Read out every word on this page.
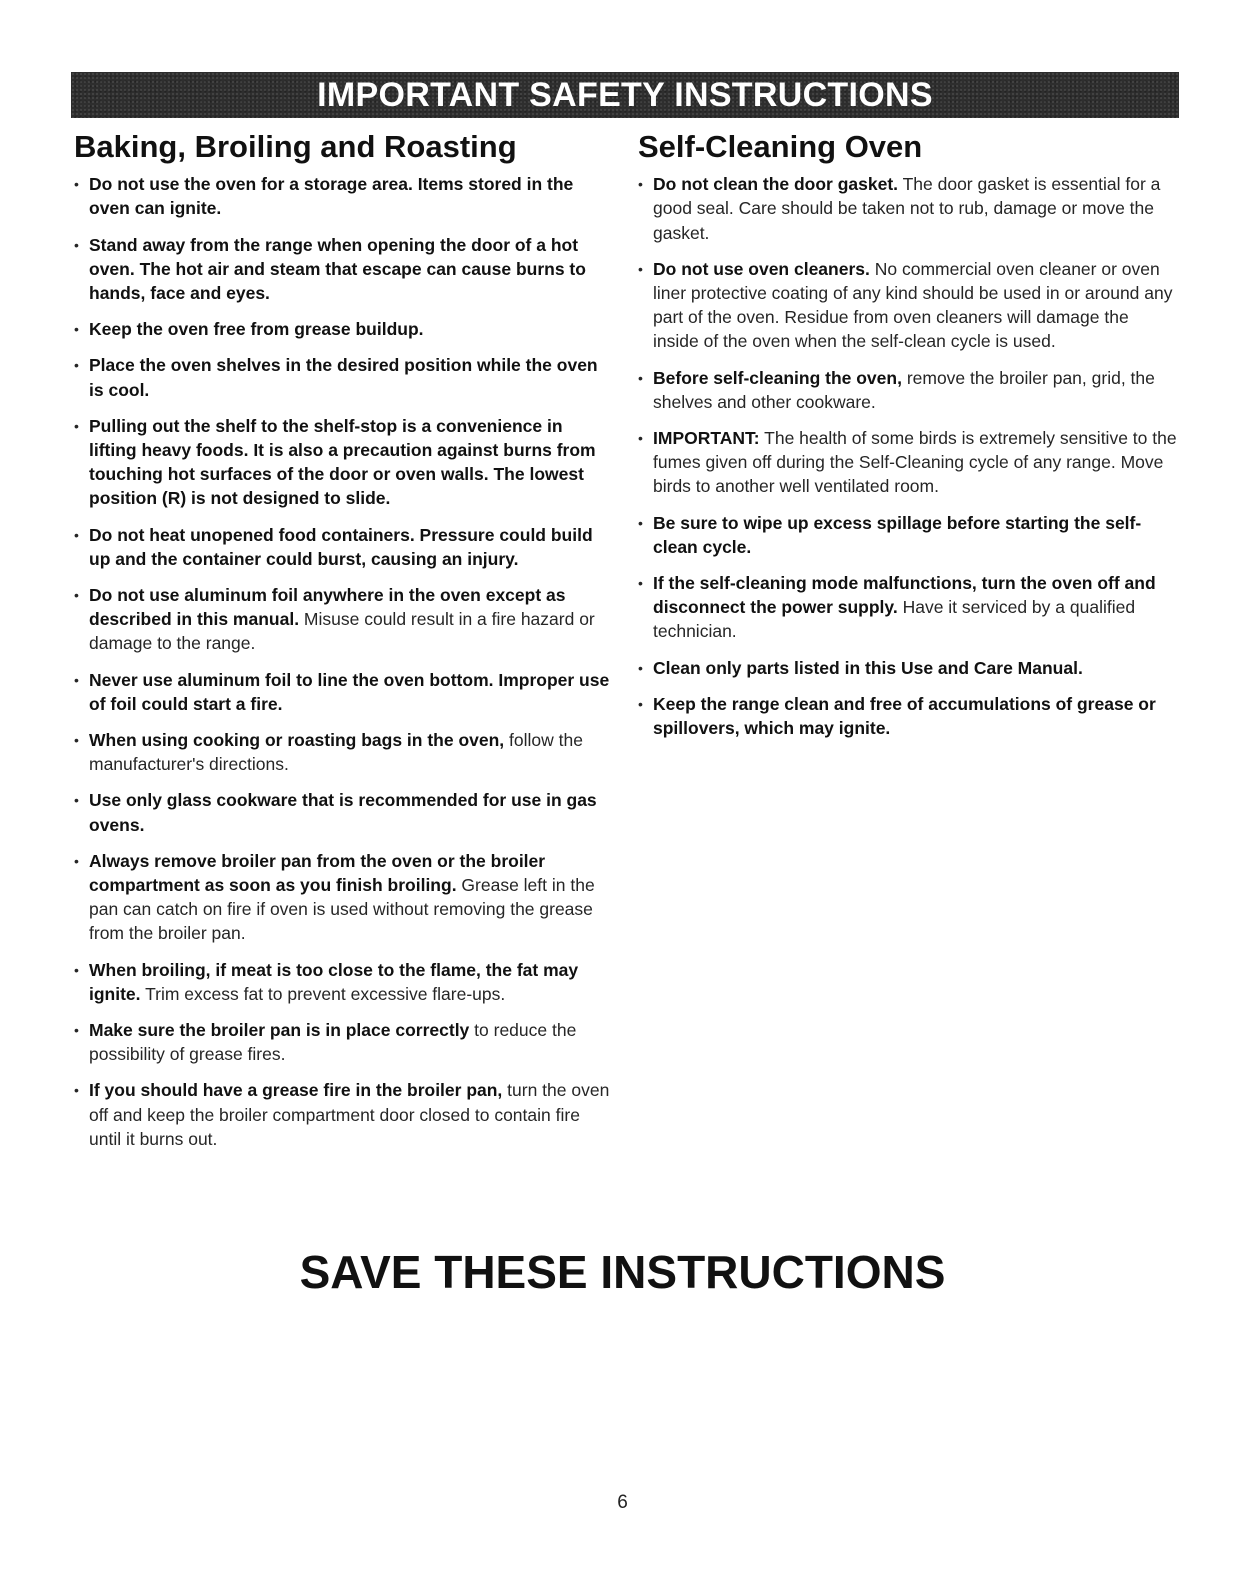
IMPORTANT SAFETY INSTRUCTIONS
Baking, Broiling and Roasting
• Do not use the oven for a storage area. Items stored in the oven can ignite.
• Stand away from the range when opening the door of a hot oven. The hot air and steam that escape can cause burns to hands, face and eyes.
• Keep the oven free from grease buildup.
• Place the oven shelves in the desired position while the oven is cool.
• Pulling out the shelf to the shelf-stop is a convenience in lifting heavy foods. It is also a precaution against burns from touching hot surfaces of the door or oven walls. The lowest position (R) is not designed to slide.
• Do not heat unopened food containers. Pressure could build up and the container could burst, causing an injury.
• Do not use aluminum foil anywhere in the oven except as described in this manual. Misuse could result in a fire hazard or damage to the range.
• Never use aluminum foil to line the oven bottom. Improper use of foil could start a fire.
• When using cooking or roasting bags in the oven, follow the manufacturer's directions.
• Use only glass cookware that is recommended for use in gas ovens.
• Always remove broiler pan from the oven or the broiler compartment as soon as you finish broiling. Grease left in the pan can catch on fire if oven is used without removing the grease from the broiler pan.
• When broiling, if meat is too close to the flame, the fat may ignite. Trim excess fat to prevent excessive flare-ups.
• Make sure the broiler pan is in place correctly to reduce the possibility of grease fires.
• If you should have a grease fire in the broiler pan, turn the oven off and keep the broiler compartment door closed to contain fire until it burns out.
Self-Cleaning Oven
• Do not clean the door gasket. The door gasket is essential for a good seal. Care should be taken not to rub, damage or move the gasket.
• Do not use oven cleaners. No commercial oven cleaner or oven liner protective coating of any kind should be used in or around any part of the oven. Residue from oven cleaners will damage the inside of the oven when the self-clean cycle is used.
• Before self-cleaning the oven, remove the broiler pan, grid, the shelves and other cookware.
• IMPORTANT: The health of some birds is extremely sensitive to the fumes given off during the Self-Cleaning cycle of any range. Move birds to another well ventilated room.
• Be sure to wipe up excess spillage before starting the self-clean cycle.
• If the self-cleaning mode malfunctions, turn the oven off and disconnect the power supply. Have it serviced by a qualified technician.
• Clean only parts listed in this Use and Care Manual.
• Keep the range clean and free of accumulations of grease or spillovers, which may ignite.
SAVE THESE INSTRUCTIONS
6
